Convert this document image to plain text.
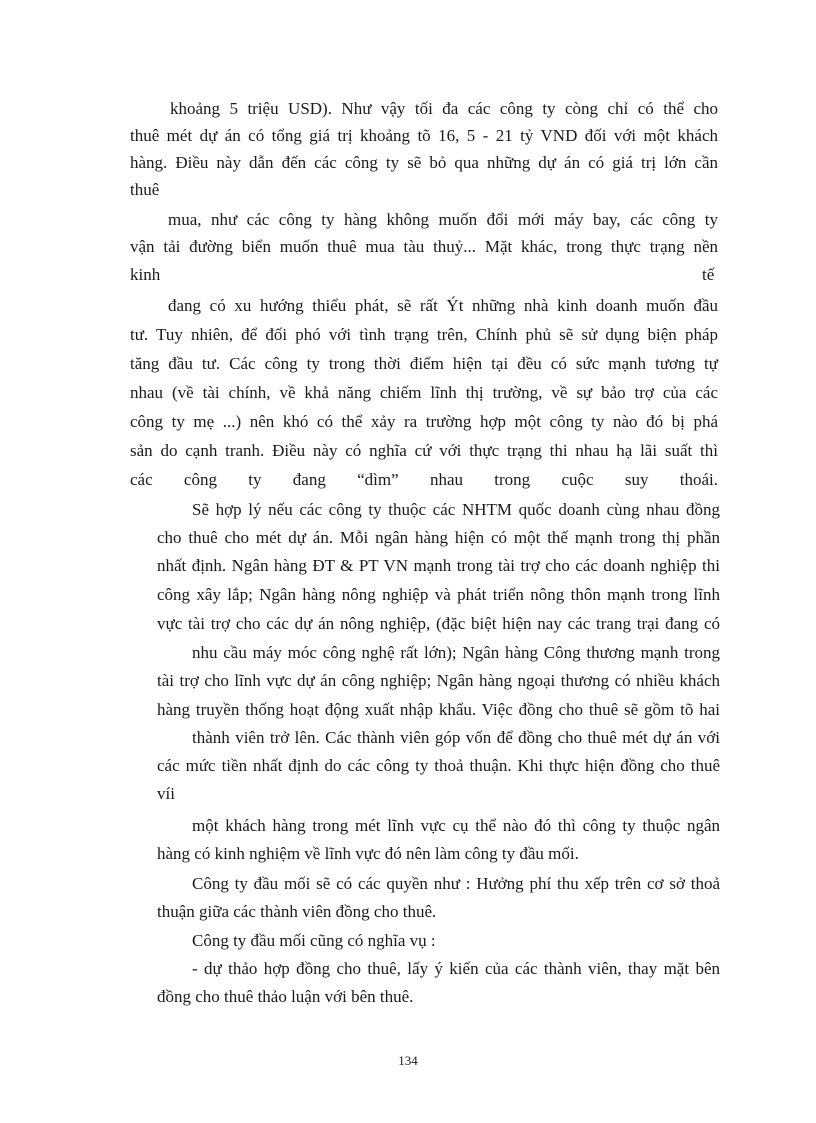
khoảng 5 triệu USD). Như vậy tối đa các công ty còng chỉ có thể cho
thuê mét dự án có tổng giá trị khoảng tõ 16, 5 - 21 tỷ VND đối với một khách
hàng. Điều này dẫn đến các công ty sẽ bỏ qua những dự án có giá trị lớn cần
thuê
mua, như các công ty hàng không muốn đổi mới máy bay, các công ty
vận tải đường biển muốn thuê mua tàu thuỷ... Mặt khác, trong thực trạng nền
kinh	tế
đang có xu hướng thiểu phát, sẽ rất Ýt những nhà kinh doanh muốn đầu
tư. Tuy nhiên, để đối phó với tình trạng trên, Chính phủ sẽ sử dụng biện pháp
tăng đầu tư. Các công ty trong thời điểm hiện tại đều có sức mạnh tương tự
nhau (về tài chính, về khả năng chiếm lĩnh thị trường, về sự bảo trợ của các
công ty mẹ ...) nên khó có thể xảy ra trường hợp một công ty nào đó bị phá
sản do cạnh tranh. Điều này có nghĩa cứ với thực trạng thi nhau hạ lãi suất thì
các công ty đang “dìm” nhau trong cuộc suy thoái.
Sẽ hợp lý nếu các công ty thuộc các NHTM quốc doanh cùng nhau đồng
cho thuê cho mét dự án. Mỗi ngân hàng hiện có một thế mạnh trong thị phần
nhất định. Ngân hàng ĐT & PT VN mạnh trong tài trợ cho các doanh nghiệp thi
công xây lắp; Ngân hàng nông nghiệp và phát triển nông thôn mạnh trong lĩnh
vực tài trợ cho các dự án nông nghiệp, (đặc biệt hiện nay các trang trại đang có
nhu cầu máy móc công nghệ rất lớn); Ngân hàng Công thương mạnh trong
tài trợ cho lĩnh vực dự án công nghiệp; Ngân hàng ngoại thương có nhiều khách
hàng truyền thống hoạt động xuất nhập khẩu. Việc đồng cho thuê sẽ gồm tõ hai
thành viên trở lên. Các thành viên góp vốn để đồng cho thuê mét dự án với
các mức tiền nhất định do các công ty thoả thuận. Khi thực hiện đồng cho thuê
víi
một khách hàng trong mét lĩnh vực cụ thể nào đó thì công ty thuộc ngân
hàng có kinh nghiệm về lĩnh vực đó nên làm công ty đầu mối.
Công ty đầu mối sẽ có các quyền như : Hưởng phí thu xếp trên cơ sở thoả
thuận giữa các thành viên đồng cho thuê.
Công ty đầu mối cũng có nghĩa vụ :
- dự thảo hợp đồng cho thuê, lấy ý kiến của các thành viên, thay mặt bên
đồng cho thuê thảo luận với bên thuê.
134
